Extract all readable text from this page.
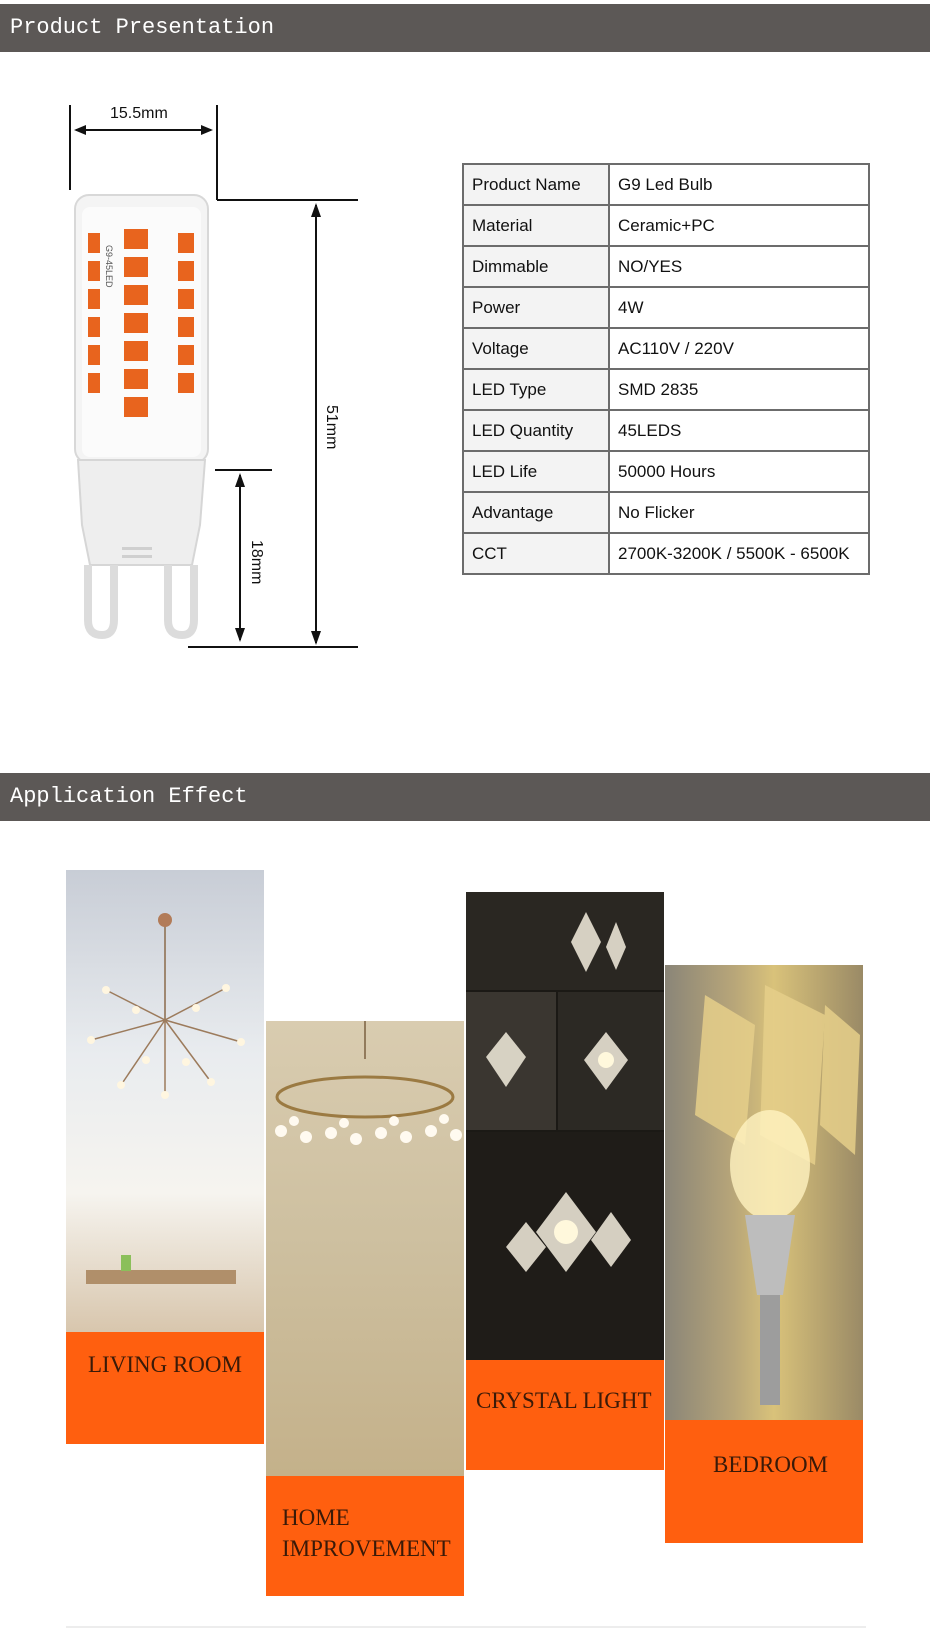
Product Presentation
15.5mm
51mm
18mm
G9-45LED
Product Name	G9 Led Bulb
Material	Ceramic+PC
Dimmable	NO/YES
Power	4W
Voltage	AC110V / 220V
LED Type	SMD 2835
LED Quantity	45LEDS
LED Life	50000 Hours
Advantage	No Flicker
CCT	2700K-3200K / 5500K - 6500K
Application Effect
LIVING ROOM
HOME
IMPROVEMENT
CRYSTAL LIGHT
BEDROOM
